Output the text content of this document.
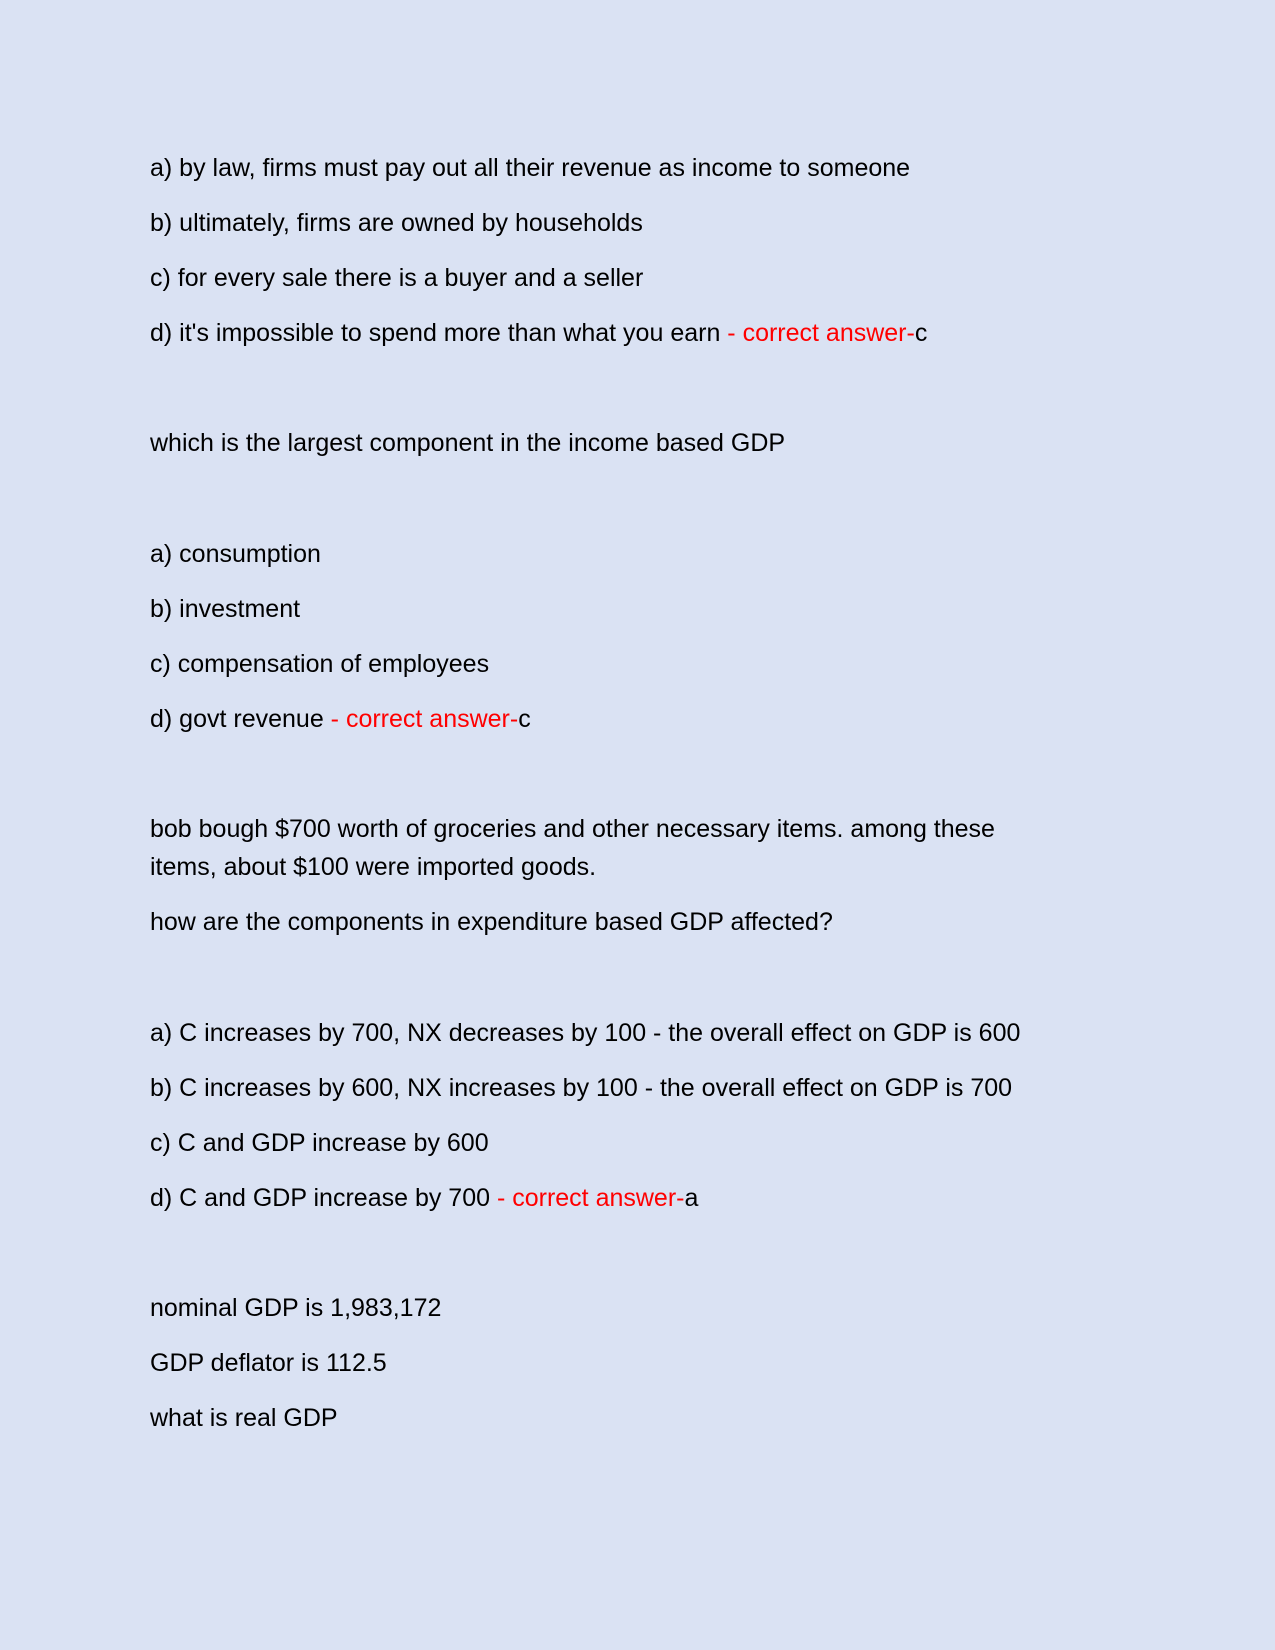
a) by law, firms must pay out all their revenue as income to someone

b) ultimately, firms are owned by households

c) for every sale there is a buyer and a seller

d) it's impossible to spend more than what you earn - correct answer-c

which is the largest component in the income based GDP

a) consumption

b) investment

c) compensation of employees

d) govt revenue - correct answer-c

bob bough $700 worth of groceries and other necessary items. among these

items, about $100 were imported goods.

how are the components in expenditure based GDP affected?

a) C increases by 700, NX decreases by 100 - the overall effect on GDP is 600

b) C increases by 600, NX increases by 100 - the overall effect on GDP is 700

c) C and GDP increase by 600

d) C and GDP increase by 700 - correct answer-a

nominal GDP is 1,983,172

GDP deflator is 112.5

what is real GDP
